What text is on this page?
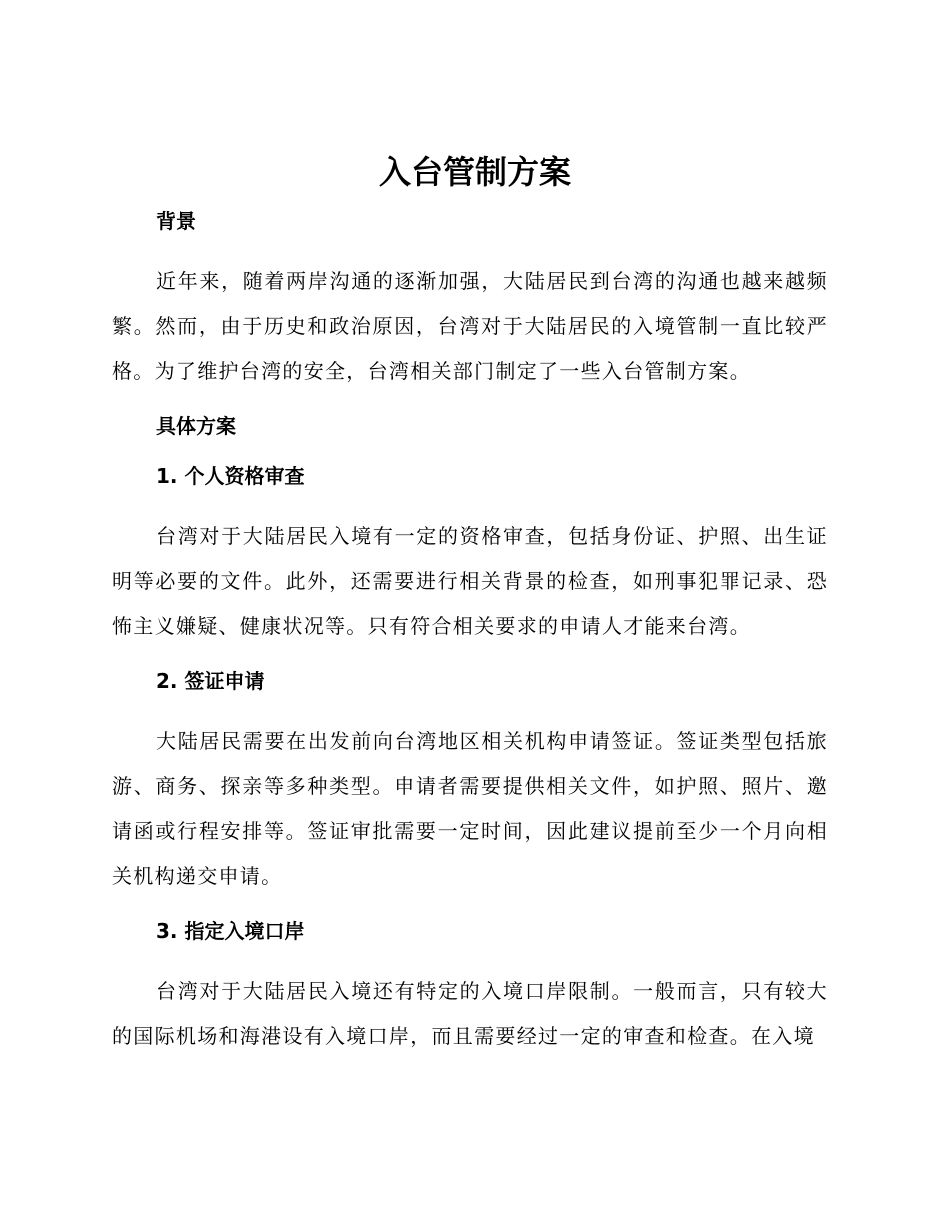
入台管制方案
背景

近年来，随着两岸沟通的逐渐加强，大陆居民到台湾的沟通也越来越频繁。然而，由于历史和政治原因，台湾对于大陆居民的入境管制一直比较严格。为了维护台湾的安全，台湾相关部门制定了一些入台管制方案。

具体方案
1. 个人资格审查

台湾对于大陆居民入境有一定的资格审查，包括身份证、护照、出生证明等必要的文件。此外，还需要进行相关背景的检查，如刑事犯罪记录、恐怖主义嫌疑、健康状况等。只有符合相关要求的申请人才能来台湾。

2. 签证申请

大陆居民需要在出发前向台湾地区相关机构申请签证。签证类型包括旅游、商务、探亲等多种类型。申请者需要提供相关文件，如护照、照片、邀请函或行程安排等。签证审批需要一定时间，因此建议提前至少一个月向相关机构递交申请。

3. 指定入境口岸

台湾对于大陆居民入境还有特定的入境口岸限制。一般而言，只有较大的国际机场和海港设有入境口岸，而且需要经过一定的审查和检查。在入境
